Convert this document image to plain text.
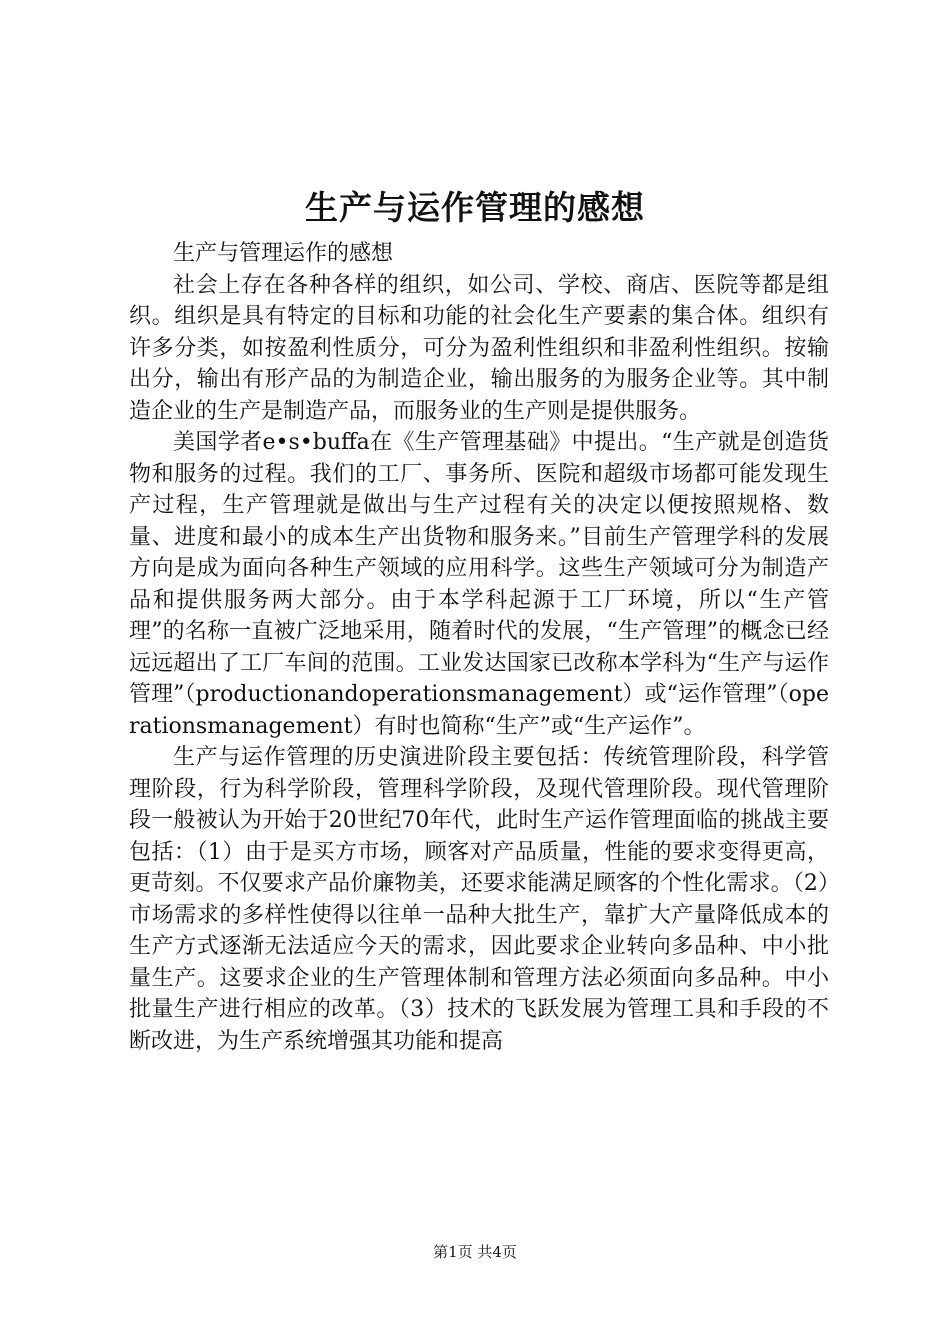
生产与运作管理的感想

生产与管理运作的感想

社会上存在各种各样的组织，如公司、学校、商店、医院等都是组织。组织是具有特定的目标和功能的社会化生产要素的集合体。组织有许多分类，如按盈利性质分，可分为盈利性组织和非盈利性组织。按输出分，输出有形产品的为制造企业，输出服务的为服务企业等。其中制造企业的生产是制造产品，而服务业的生产则是提供服务。

美国学者e•s•buffa在《生产管理基础》中提出。“生产就是创造货物和服务的过程。我们的工厂、事务所、医院和超级市场都可能发现生产过程，生产管理就是做出与生产过程有关的决定以便按照规格、数量、进度和最小的成本生产出货物和服务来。”目前生产管理学科的发展方向是成为面向各种生产领域的应用科学。这些生产领域可分为制造产品和提供服务两大部分。由于本学科起源于工厂环境，所以“生产管理”的名称一直被广泛地采用，随着时代的发展，“生产管理”的概念已经远远超出了工厂车间的范围。工业发达国家已改称本学科为“生产与运作管理”（productionandoperationsmanagement）或“运作管理”（operationsmanagement）有时也简称“生产”或“生产运作”。

生产与运作管理的历史演进阶段主要包括：传统管理阶段，科学管理阶段，行为科学阶段，管理科学阶段，及现代管理阶段。现代管理阶段一般被认为开始于20世纪70年代，此时生产运作管理面临的挑战主要包括：（1）由于是买方市场，顾客对产品质量，性能的要求变得更高，更苛刻。不仅要求产品价廉物美，还要求能满足顾客的个性化需求。（2）市场需求的多样性使得以往单一品种大批生产，靠扩大产量降低成本的生产方式逐渐无法适应今天的需求，因此要求企业转向多品种、中小批量生产。这要求企业的生产管理体制和管理方法必须面向多品种。中小批量生产进行相应的改革。（3）技术的飞跃发展为管理工具和手段的不断改进，为生产系统增强其功能和提高

第1页 共4页
